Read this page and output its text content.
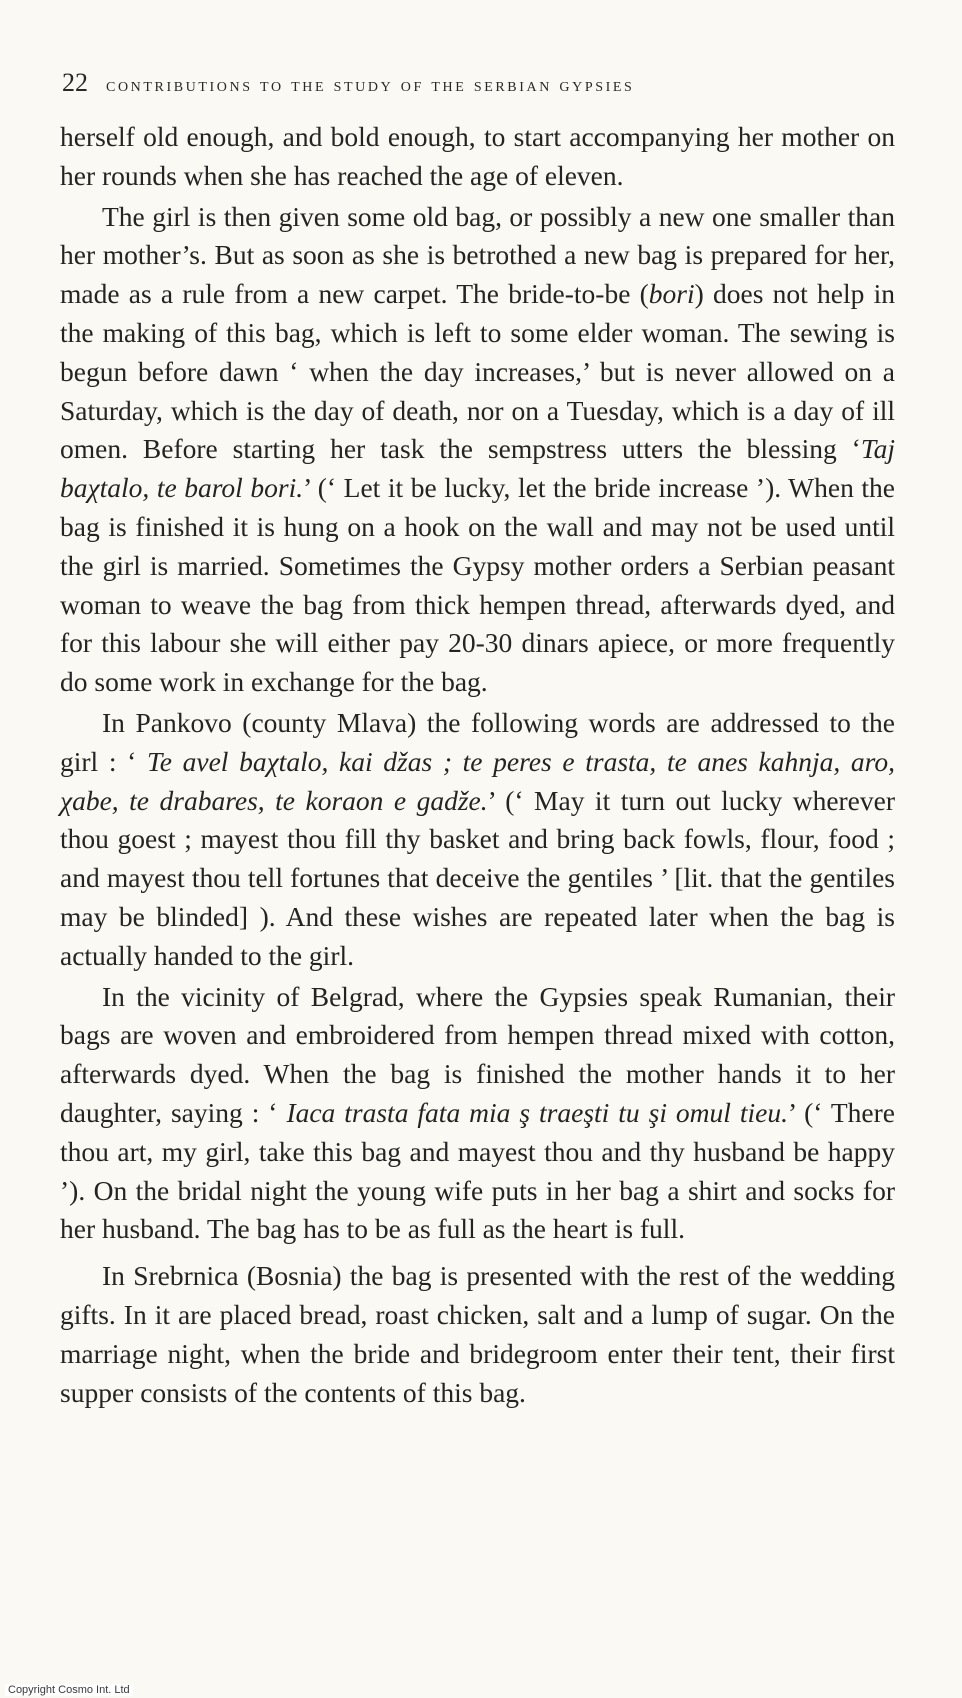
22 contributions to the study of the serbian gypsies

herself old enough, and bold enough, to start accompanying her mother on her rounds when she has reached the age of eleven.

The girl is then given some old bag, or possibly a new one smaller than her mother’s. But as soon as she is betrothed a new bag is prepared for her, made as a rule from a new carpet. The bride-to-be (bori) does not help in the making of this bag, which is left to some elder woman. The sewing is begun before dawn ‘ when the day increases,’ but is never allowed on a Saturday, which is the day of death, nor on a Tuesday, which is a day of ill omen. Before starting her task the sempstress utters the blessing ‘Taj baχtalo, te barol bori.’ (‘ Let it be lucky, let the bride increase ’). When the bag is finished it is hung on a hook on the wall and may not be used until the girl is married. Sometimes the Gypsy mother orders a Serbian peasant woman to weave the bag from thick hempen thread, afterwards dyed, and for this labour she will either pay 20-30 dinars apiece, or more frequently do some work in exchange for the bag.

In Pankovo (county Mlava) the following words are addressed to the girl : ‘ Te avel baχtalo, kai džas ; te peres e trasta, te anes kahnja, aro, χabe, te drabares, te koraon e gadže.’ (‘ May it turn out lucky wherever thou goest ; mayest thou fill thy basket and bring back fowls, flour, food ; and mayest thou tell fortunes that deceive the gentiles ’ [lit. that the gentiles may be blinded] ). And these wishes are repeated later when the bag is actually handed to the girl.

In the vicinity of Belgrad, where the Gypsies speak Rumanian, their bags are woven and embroidered from hempen thread mixed with cotton, afterwards dyed. When the bag is finished the mother hands it to her daughter, saying : ‘ Iaca trasta fata mia ş traeşti tu şi omul tieu.’ (‘ There thou art, my girl, take this bag and mayest thou and thy husband be happy ’). On the bridal night the young wife puts in her bag a shirt and socks for her husband. The bag has to be as full as the heart is full.

In Srebrnica (Bosnia) the bag is presented with the rest of the wedding gifts. In it are placed bread, roast chicken, salt and a lump of sugar. On the marriage night, when the bride and bridegroom enter their tent, their first supper consists of the contents of this bag.

Copyright Cosmo Int. Ltd
